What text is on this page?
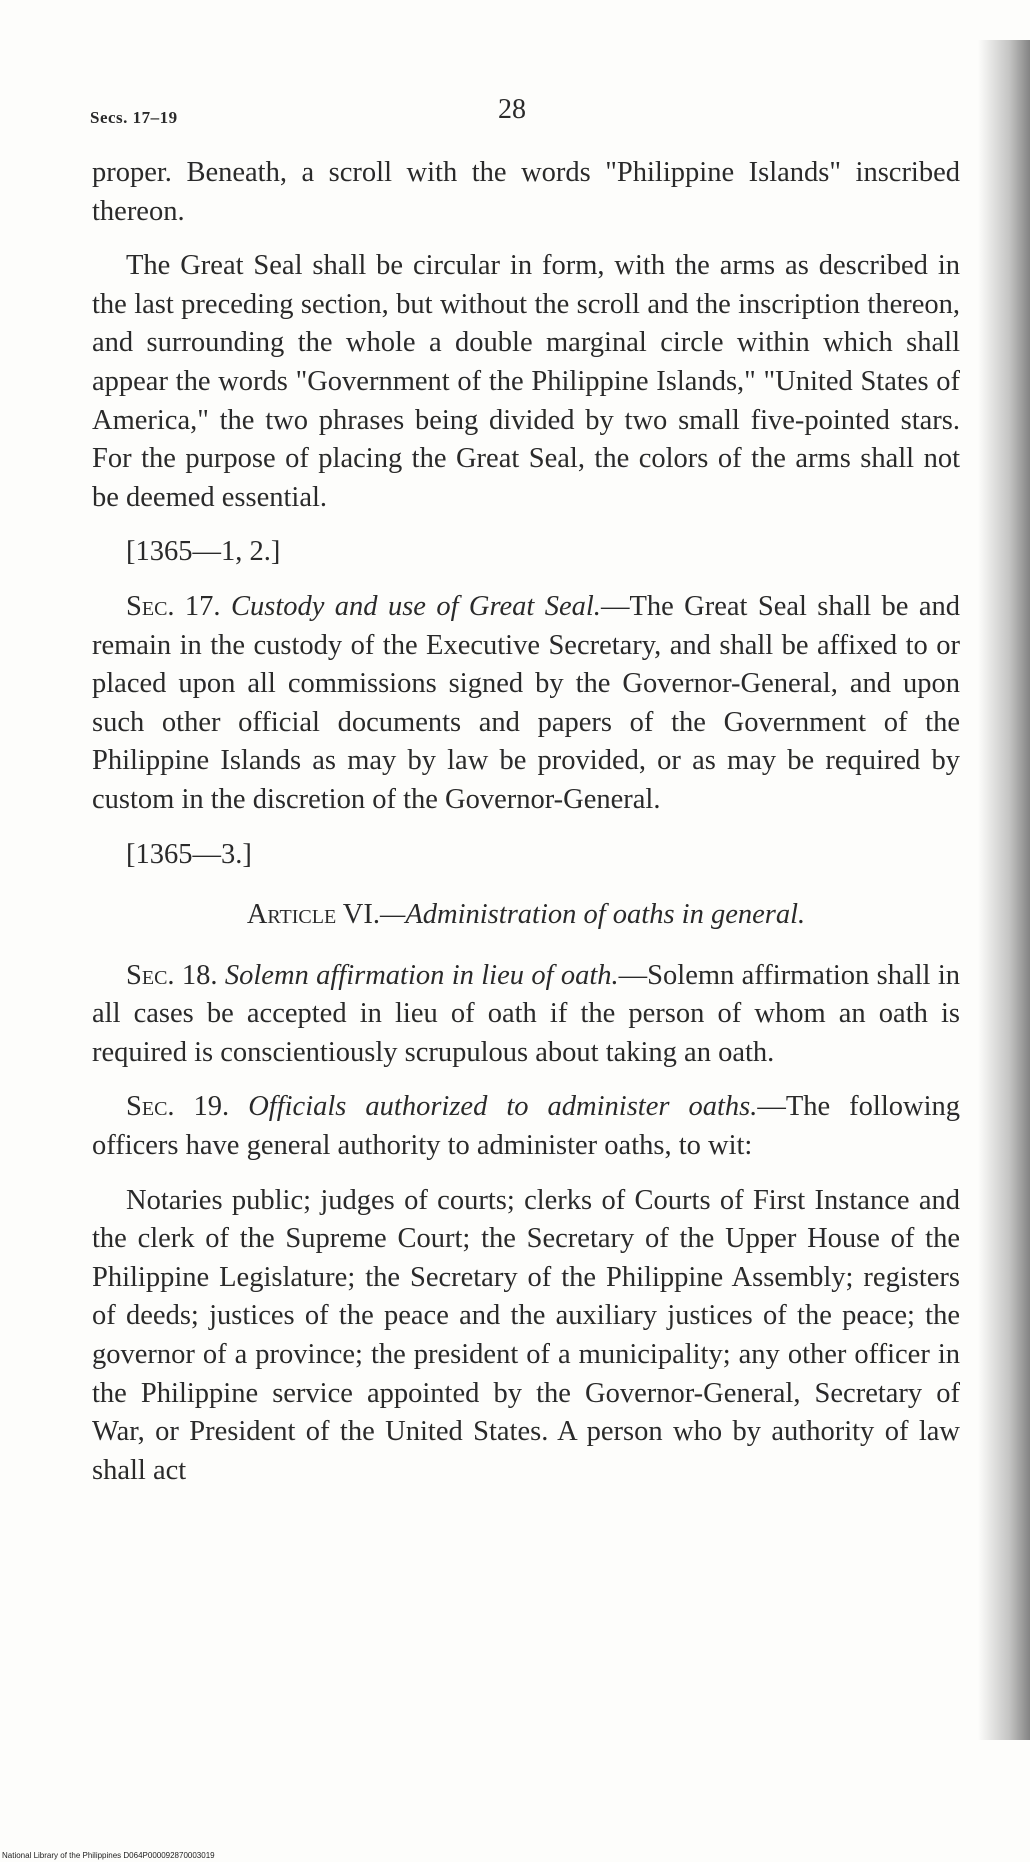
Secs. 17–19	28

proper. Beneath, a scroll with the words "Philippine Islands" inscribed thereon.

The Great Seal shall be circular in form, with the arms as described in the last preceding section, but without the scroll and the inscription thereon, and surrounding the whole a double marginal circle within which shall appear the words "Government of the Philippine Islands," "United States of America," the two phrases being divided by two small five-pointed stars. For the purpose of placing the Great Seal, the colors of the arms shall not be deemed essential.

[1365—1, 2.]

Sec. 17. Custody and use of Great Seal.—The Great Seal shall be and remain in the custody of the Executive Secretary, and shall be affixed to or placed upon all commissions signed by the Governor-General, and upon such other official documents and papers of the Government of the Philippine Islands as may by law be provided, or as may be required by custom in the discretion of the Governor-General.

[1365—3.]

Article VI.—Administration of oaths in general.

Sec. 18. Solemn affirmation in lieu of oath.—Solemn affirmation shall in all cases be accepted in lieu of oath if the person of whom an oath is required is conscientiously scrupulous about taking an oath.

Sec. 19. Officials authorized to administer oaths.—The following officers have general authority to administer oaths, to wit:

Notaries public; judges of courts; clerks of Courts of First Instance and the clerk of the Supreme Court; the Secretary of the Upper House of the Philippine Legislature; the Secretary of the Philippine Assembly; registers of deeds; justices of the peace and the auxiliary justices of the peace; the governor of a province; the president of a municipality; any other officer in the Philippine service appointed by the Governor-General, Secretary of War, or President of the United States. A person who by authority of law shall act

National Library of the Philippines D064P000092870003019
